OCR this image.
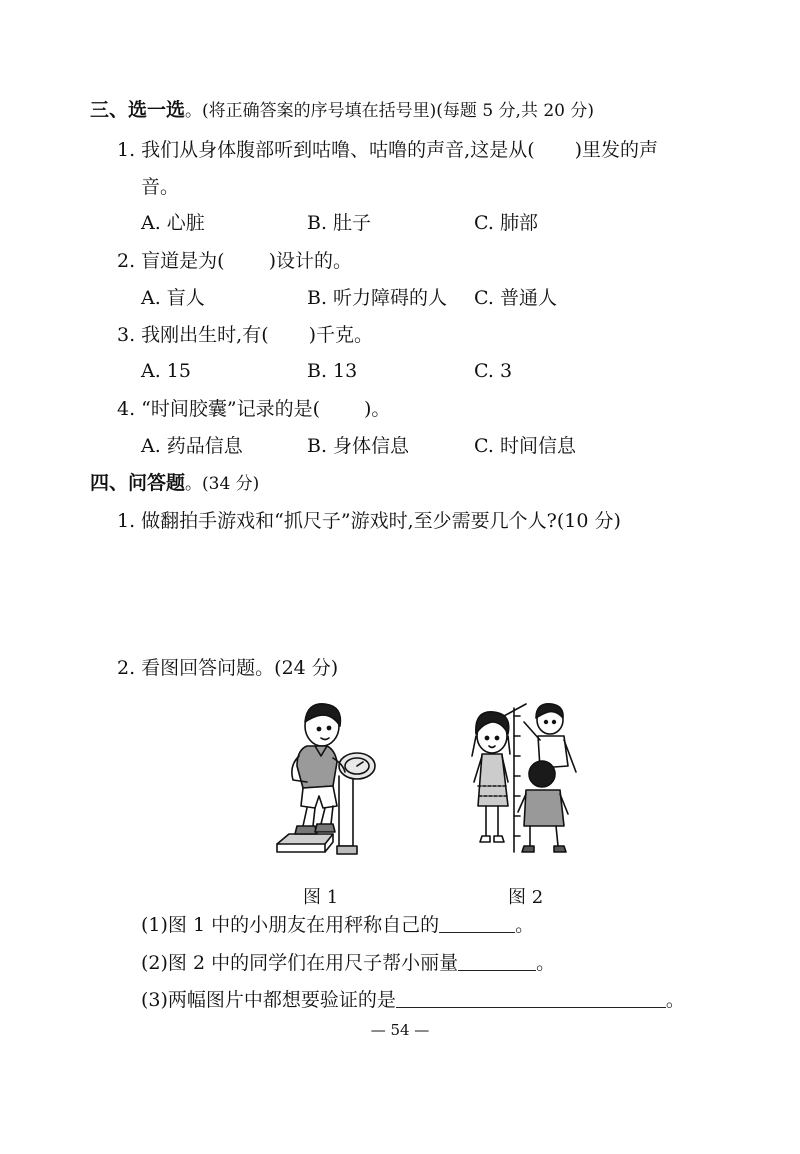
三、选一选。(将正确答案的序号填在括号里)(每题 5 分,共 20 分)
1. 我们从身体腹部听到咕噜、咕噜的声音,这是从( )里发的声
音。
A. 心脏	B. 肚子	C. 肺部
2. 盲道是为( )设计的。
A. 盲人	B. 听力障碍的人 C. 普通人
3. 我刚出生时,有( )千克。
A. 15	B. 13	C. 3
4. “时间胶囊”记录的是( )。
A. 药品信息	B. 身体信息	C. 时间信息
四、问答题。(34 分)
1. 做翻拍手游戏和“抓尺子”游戏时,至少需要几个人?(10 分)
2. 看图回答问题。(24 分)
图 1	图 2
(1)图 1 中的小朋友在用秤称自己的	。
(2)图 2 中的同学们在用尺子帮小丽量	。
(3)两幅图片中都想要验证的是	。
— 54 —
